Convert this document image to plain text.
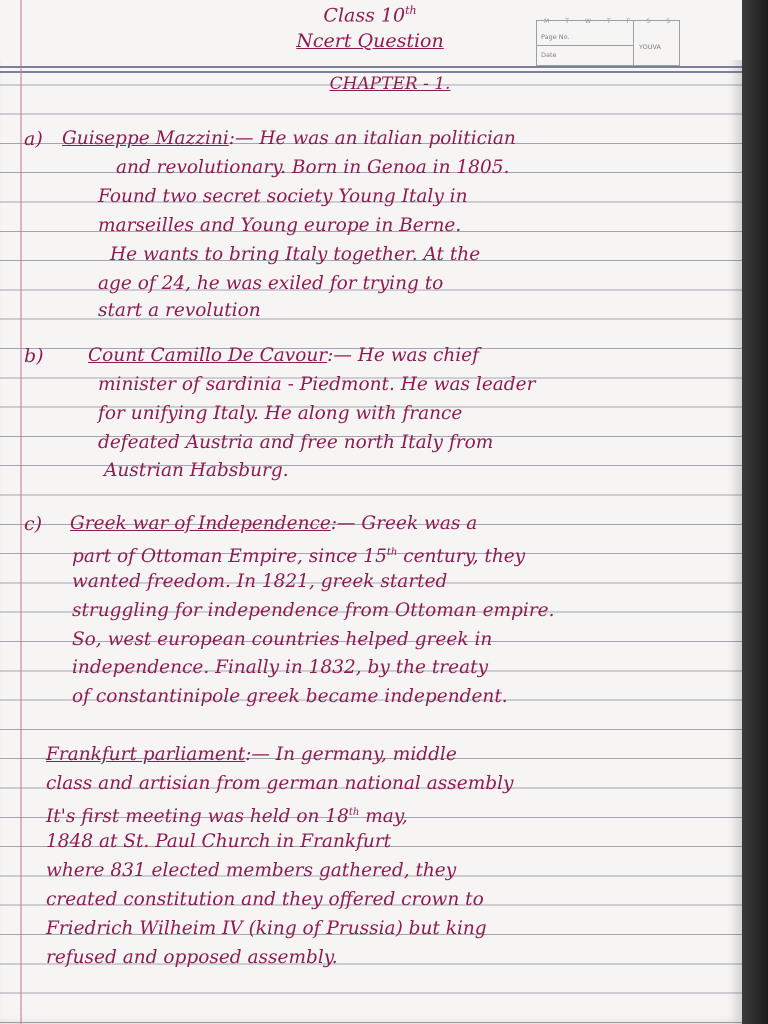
Class 10th
Ncert Question
CHAPTER - 1.
M	T	W	T	F	S	S
Page No.
Date
YOUVA
a) Guiseppe Mazzini:— He was an italian politician
and revolutionary. Born in Genoa in 1805.
Found two secret society Young Italy in
marseilles and Young europe in Berne.
He wants to bring Italy together. At the
age of 24, he was exiled for trying to
start a revolution
b) Count Camillo De Cavour:— He was chief
minister of sardinia - Piedmont. He was leader
for unifying Italy. He along with france
defeated Austria and free north Italy from
Austrian Habsburg.
c) Greek war of Independence:— Greek was a
part of Ottoman Empire, since 15th century, they
wanted freedom. In 1821, greek started
struggling for independence from Ottoman empire.
So, west european countries helped greek in
independence. Finally in 1832, by the treaty
of constantinipole greek became independent.
Frankfurt parliament:— In germany, middle
class and artisian from german national assembly
It's first meeting was held on 18th may,
1848 at St. Paul Church in Frankfurt
where 831 elected members gathered, they
created constitution and they offered crown to
Friedrich Wilheim IV (king of Prussia) but king
refused and opposed assembly.
